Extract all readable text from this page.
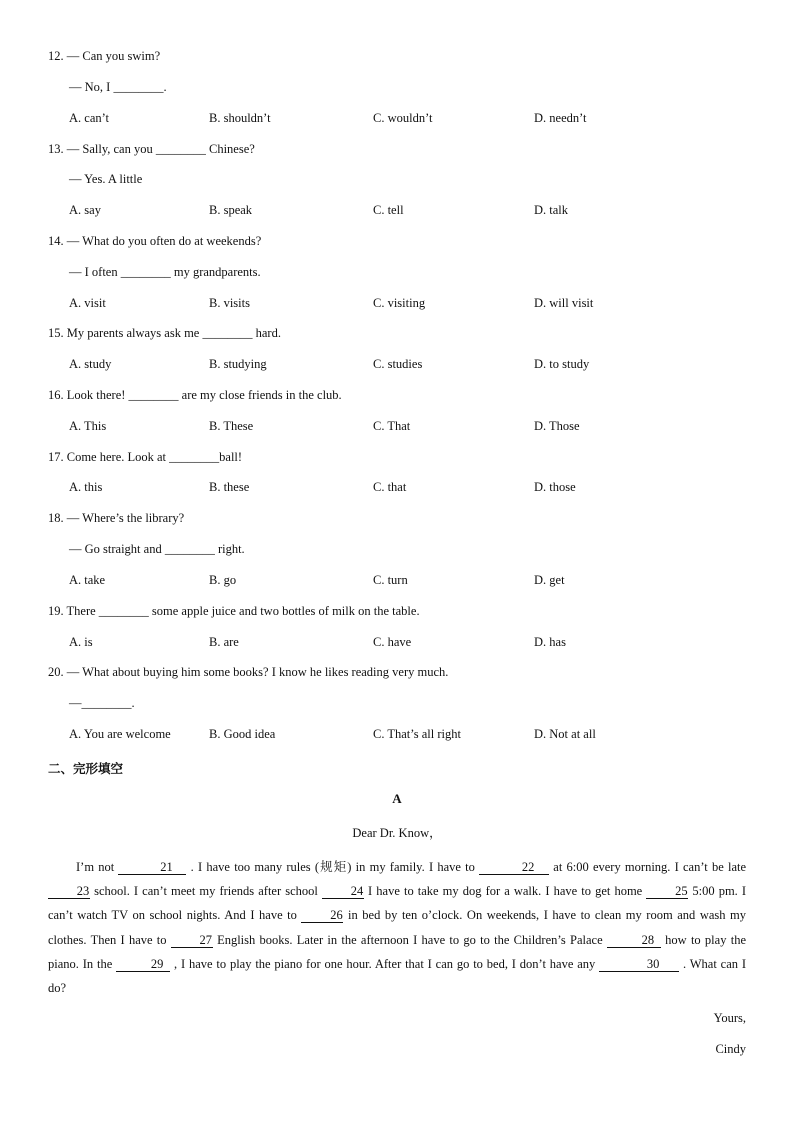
12. — Can you swim?
— No, I ________.
A. can’t	B. shouldn’t	C. wouldn’t	D. needn’t
13. — Sally, can you ________ Chinese?
— Yes. A little
A. say	B. speak	C. tell	D. talk
14. — What do you often do at weekends?
— I often ________ my grandparents.
A. visit	B. visits	C. visiting	D. will visit
15. My parents always ask me ________ hard.
A. study	B. studying	C. studies	D. to study
16. Look there! ________ are my close friends in the club.
A. This	B. These	C. That	D. Those
17. Come here. Look at ________ball!
A. this	B. these	C. that	D. those
18. — Where’s the library?
— Go straight and ________ right.
A. take	B. go	C. turn	D. get
19. There ________ some apple juice and two bottles of milk on the table.
A. is	B. are	C. have	D. has
20. — What about buying him some books? I know he likes reading very much.
—________.
A. You are welcome	B. Good idea	C. That’s all right	D. Not at all
二、完形填空
A
Dear Dr. Know，

I’m not	21 . I have too many rules (规矩) in my family. I have to	22 at 6:00 every morning. I can’t be late 23 school. I can’t meet my friends after school	24 I have to take my dog for a walk. I have to get home	25 5:00 pm. I can’t watch TV on school nights. And I have to	26 in bed by ten o’clock. On weekends, I have to clean my room and wash my clothes. Then I have to	27 English books. Later in the afternoon I have to go to the Children’s Palace	28 how to play the piano. In the	29 , I have to play the piano for one hour. After that I can go to bed, I don’t have any	30 . What can I do?

Yours,
Cindy
